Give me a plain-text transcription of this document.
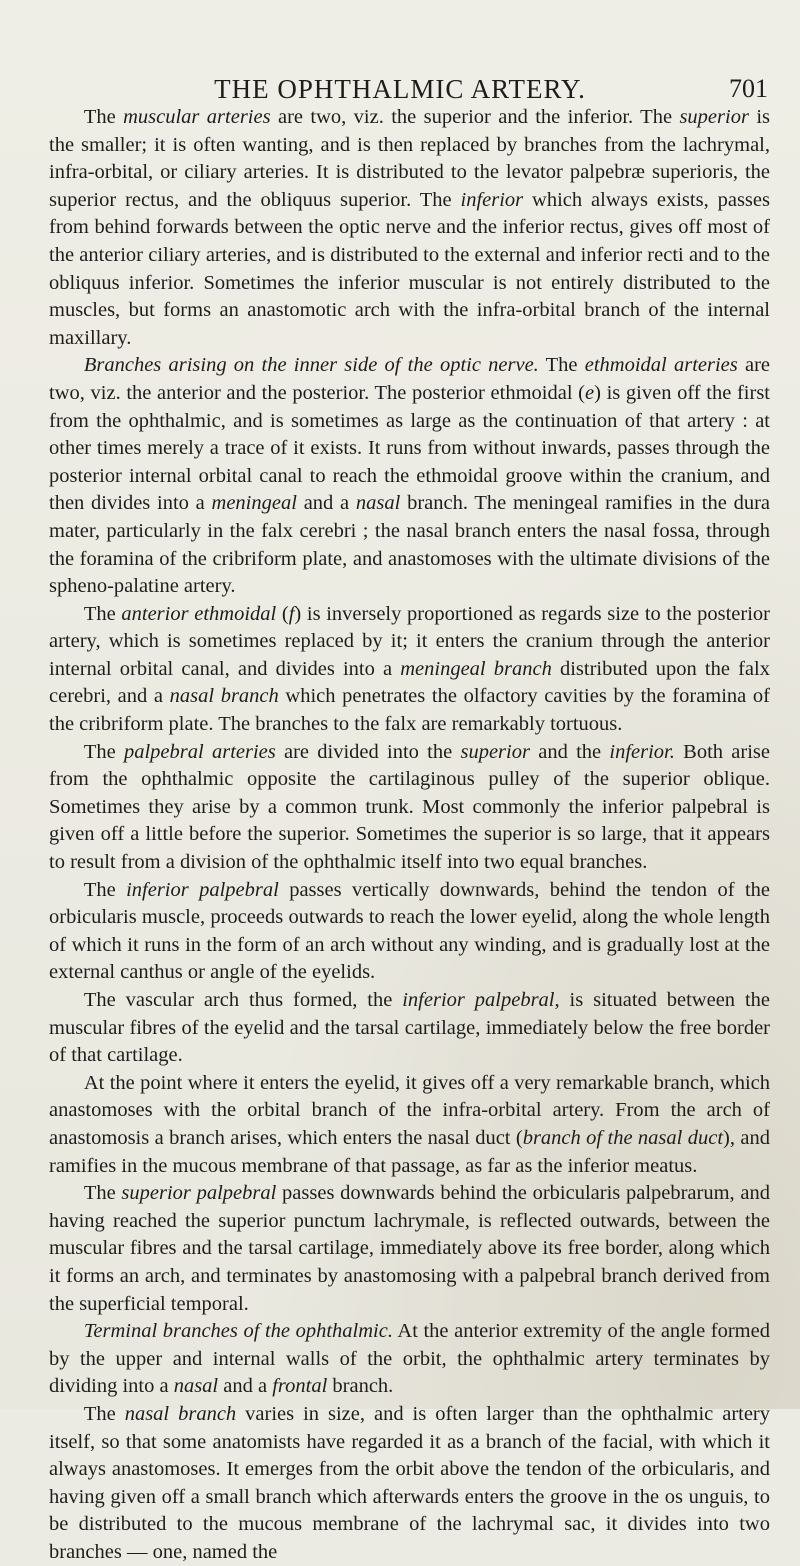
THE OPHTHALMIC ARTERY.	701

The muscular arteries are two, viz. the superior and the inferior. The superior is the smaller; it is often wanting, and is then replaced by branches from the lachrymal, infra-orbital, or ciliary arteries. It is distributed to the levator palpebræ superioris, the superior rectus, and the obliquus superior. The inferior which always exists, passes from behind forwards between the optic nerve and the inferior rectus, gives off most of the anterior ciliary arteries, and is distributed to the external and inferior recti and to the obliquus inferior. Sometimes the inferior muscular is not entirely distributed to the muscles, but forms an anastomotic arch with the infra-orbital branch of the internal maxillary.

Branches arising on the inner side of the optic nerve. The ethmoidal arteries are two, viz. the anterior and the posterior. The posterior ethmoidal (e) is given off the first from the ophthalmic, and is sometimes as large as the continuation of that artery : at other times merely a trace of it exists. It runs from without inwards, passes through the posterior internal orbital canal to reach the ethmoidal groove within the cranium, and then divides into a meningeal and a nasal branch. The meningeal ramifies in the dura mater, particularly in the falx cerebri ; the nasal branch enters the nasal fossa, through the foramina of the cribriform plate, and anastomoses with the ultimate divisions of the spheno-palatine artery.

The anterior ethmoidal (f) is inversely proportioned as regards size to the posterior artery, which is sometimes replaced by it; it enters the cranium through the anterior internal orbital canal, and divides into a meningeal branch distributed upon the falx cerebri, and a nasal branch which penetrates the olfactory cavities by the foramina of the cribriform plate. The branches to the falx are remarkably tortuous.

The palpebral arteries are divided into the superior and the inferior. Both arise from the ophthalmic opposite the cartilaginous pulley of the superior oblique. Sometimes they arise by a common trunk. Most commonly the inferior palpebral is given off a little before the superior. Sometimes the superior is so large, that it appears to result from a division of the ophthalmic itself into two equal branches.

The inferior palpebral passes vertically downwards, behind the tendon of the orbicularis muscle, proceeds outwards to reach the lower eyelid, along the whole length of which it runs in the form of an arch without any winding, and is gradually lost at the external canthus or angle of the eyelids.

The vascular arch thus formed, the inferior palpebral, is situated between the muscular fibres of the eyelid and the tarsal cartilage, immediately below the free border of that cartilage.

At the point where it enters the eyelid, it gives off a very remarkable branch, which anastomoses with the orbital branch of the infra-orbital artery. From the arch of anastomosis a branch arises, which enters the nasal duct (branch of the nasal duct), and ramifies in the mucous membrane of that passage, as far as the inferior meatus.

The superior palpebral passes downwards behind the orbicularis palpebrarum, and having reached the superior punctum lachrymale, is reflected outwards, between the muscular fibres and the tarsal cartilage, immediately above its free border, along which it forms an arch, and terminates by anastomosing with a palpebral branch derived from the superficial temporal.

Terminal branches of the ophthalmic. At the anterior extremity of the angle formed by the upper and internal walls of the orbit, the ophthalmic artery terminates by dividing into a nasal and a frontal branch.

The nasal branch varies in size, and is often larger than the ophthalmic artery itself, so that some anatomists have regarded it as a branch of the facial, with which it always anastomoses. It emerges from the orbit above the tendon of the orbicularis, and having given off a small branch which afterwards enters the groove in the os unguis, to be distributed to the mucous membrane of the lachrymal sac, it divides into two branches — one, named the
